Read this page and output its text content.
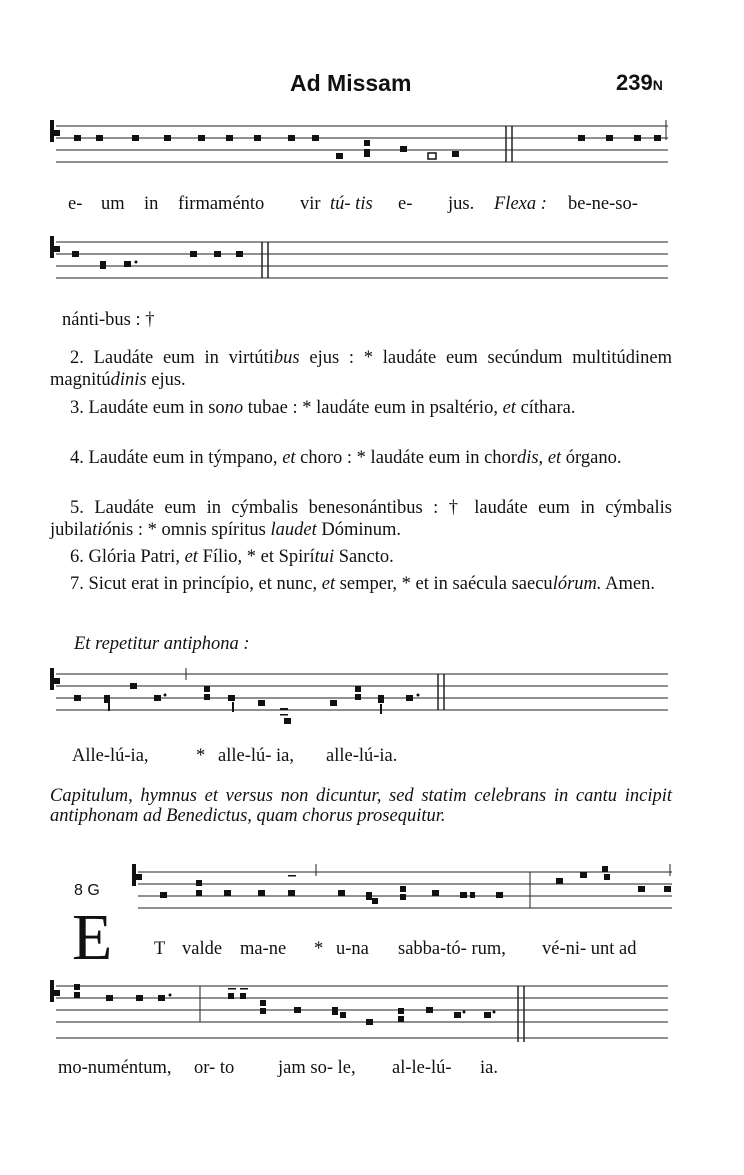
Ad Missam	239N
e- um in firmaménto vir tú- tis e- jus. Flexa : be-ne-so-
nánti-bus : †
2. Laudáte eum in virtútibus ejus : * laudáte eum secúndum multitúdinem magnitúdinis ejus.
3. Laudáte eum in sono tubae : * laudáte eum in psaltério, et cíthara.
4. Laudáte eum in týmpano, et choro : * laudáte eum in chordis, et órgano.
5. Laudáte eum in cýmbalis benesonántibus : † laudáte eum in cýmbalis jubilatiónis : * omnis spíritus laudet Dóminum.
6. Glória Patri, et Fílio, * et Spirítui Sancto.
7. Sicut erat in princípio, et nunc, et semper, * et in saécula saeculórum. Amen.
Et repetitur antiphona :
Alle-lú-ia,	* alle-lú- ia, alle-lú-ia.
Capitulum, hymnus et versus non dicuntur, sed statim celebrans in cantu incipit antiphonam ad Benedictus, quam chorus prosequitur.
8 G
E T valde ma-ne * u-na sabba-tó- rum, vé-ni- unt ad
mo-numéntum, or- to jam so- le, al-le-lú- ia.
